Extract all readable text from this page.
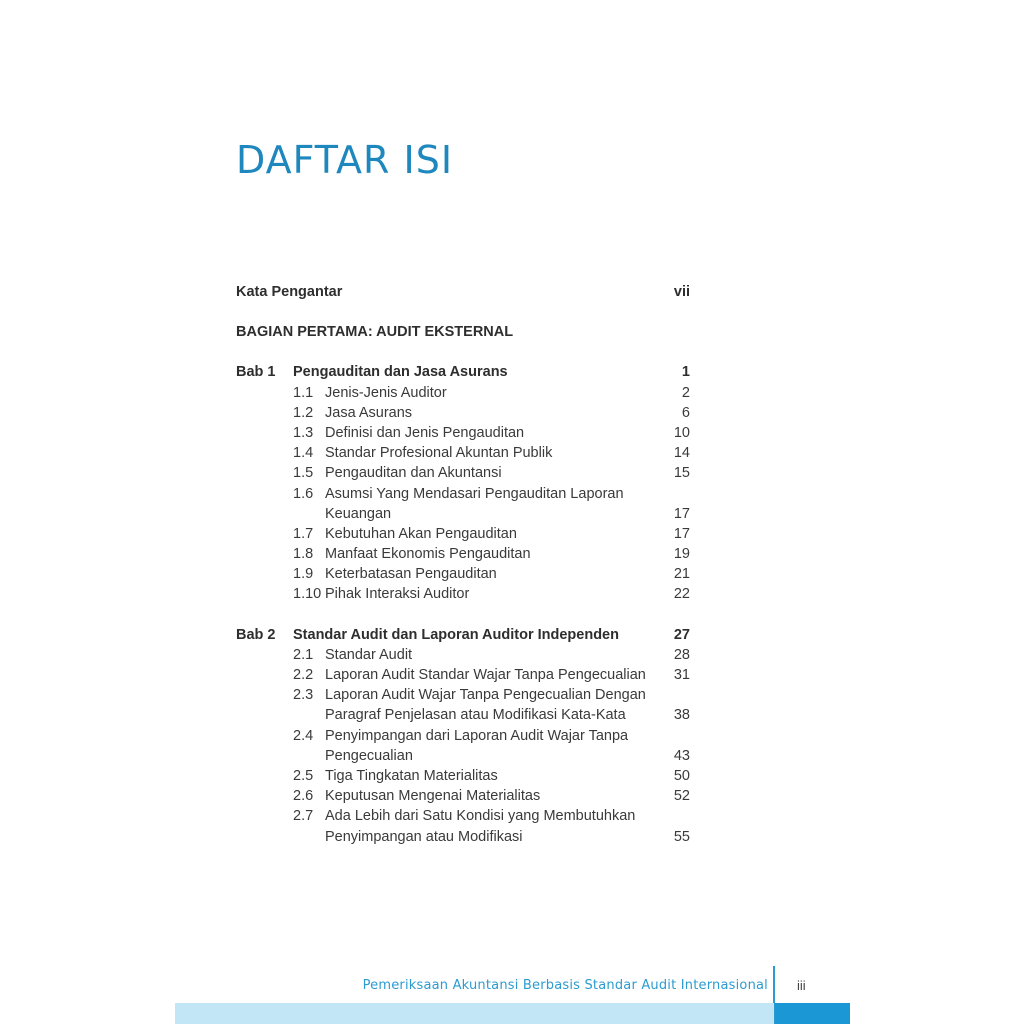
DAFTAR ISI
Kata Pengantar	vii
BAGIAN PERTAMA: AUDIT EKSTERNAL
Bab 1 Pengauditan dan Jasa Asurans	1
1.1 Jenis-Jenis Auditor	2
1.2 Jasa Asurans	6
1.3 Definisi dan Jenis Pengauditan	10
1.4 Standar Profesional Akuntan Publik	14
1.5 Pengauditan dan Akuntansi	15
1.6 Asumsi Yang Mendasari Pengauditan Laporan
Keuangan	17
1.7 Kebutuhan Akan Pengauditan	17
1.8 Manfaat Ekonomis Pengauditan	19
1.9 Keterbatasan Pengauditan	21
1.10 Pihak Interaksi Auditor	22
Bab 2 Standar Audit dan Laporan Auditor Independen	27
2.1 Standar Audit	28
2.2 Laporan Audit Standar Wajar Tanpa Pengecualian 31
2.3 Laporan Audit Wajar Tanpa Pengecualian Dengan
Paragraf Penjelasan atau Modifikasi Kata-Kata	38
2.4 Penyimpangan dari Laporan Audit Wajar Tanpa
Pengecualian	43
2.5 Tiga Tingkatan Materialitas	50
2.6 Keputusan Mengenai Materialitas	52
2.7 Ada Lebih dari Satu Kondisi yang Membutuhkan
Penyimpangan atau Modifikasi	55
Pemeriksaan Akuntansi Berbasis Standar Audit Internasional iii
